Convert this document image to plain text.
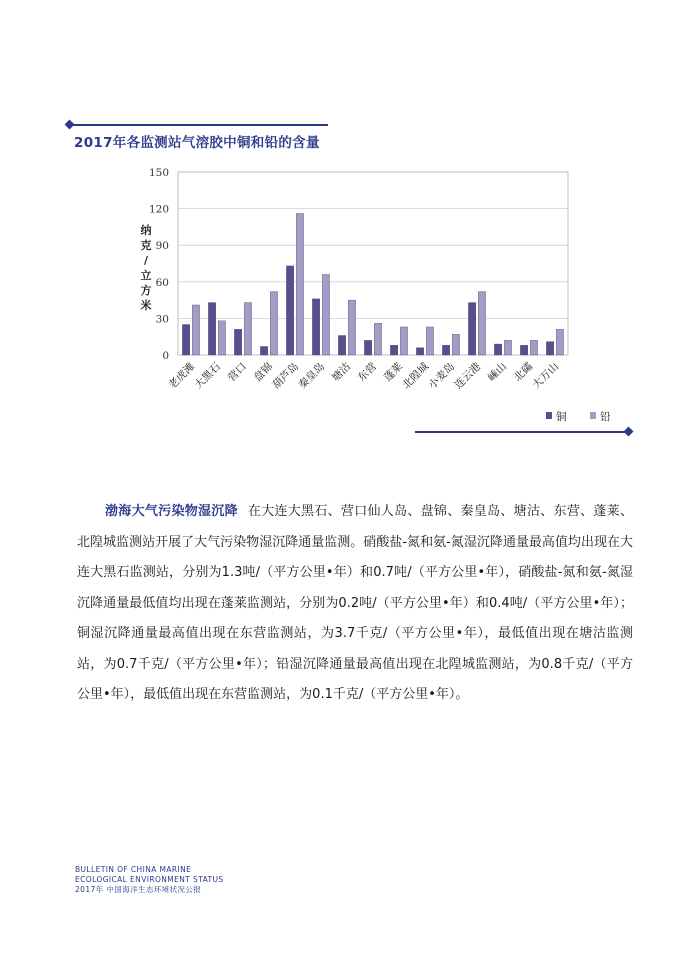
2017年各监测站气溶胶中铜和铅的含量
0
30
60
90
120
150
纳
克
/
立
方
米
老虎滩
大黑石 营口 盘锦
葫芦岛
秦皇岛 塘沽 东营 蓬莱
北隍城
小麦岛
连云港 嵊山 北礵
大万山
铜	铅
渤海大气污染物湿沉降 在大连大黑石、营口仙人岛、盘锦、秦皇岛、塘沽、东营、蓬莱、北隍城监测站开展了大气污染物湿沉降通量监测。硝酸盐-氮和氨-氮湿沉降通量最高值均出现在大连大黑石监测站，分别为1.3吨/（平方公里•年）和0.7吨/（平方公里•年），硝酸盐-氮和氨-氮湿沉降通量最低值均出现在蓬莱监测站，分别为0.2吨/（平方公里•年）和0.4吨/（平方公里•年）；铜湿沉降通量最高值出现在东营监测站，为3.7千克/（平方公里•年），最低值出现在塘沽监测站，为0.7千克/（平方公里•年）；铅湿沉降通量最高值出现在北隍城监测站，为0.8千克/（平方公里•年），最低值出现在东营监测站，为0.1千克/（平方公里•年）。
BULLETIN OF CHINA MARINE
ECOLOGICAL ENVIRONMENT STATUS
2017年 中国海洋生态环境状况公报
